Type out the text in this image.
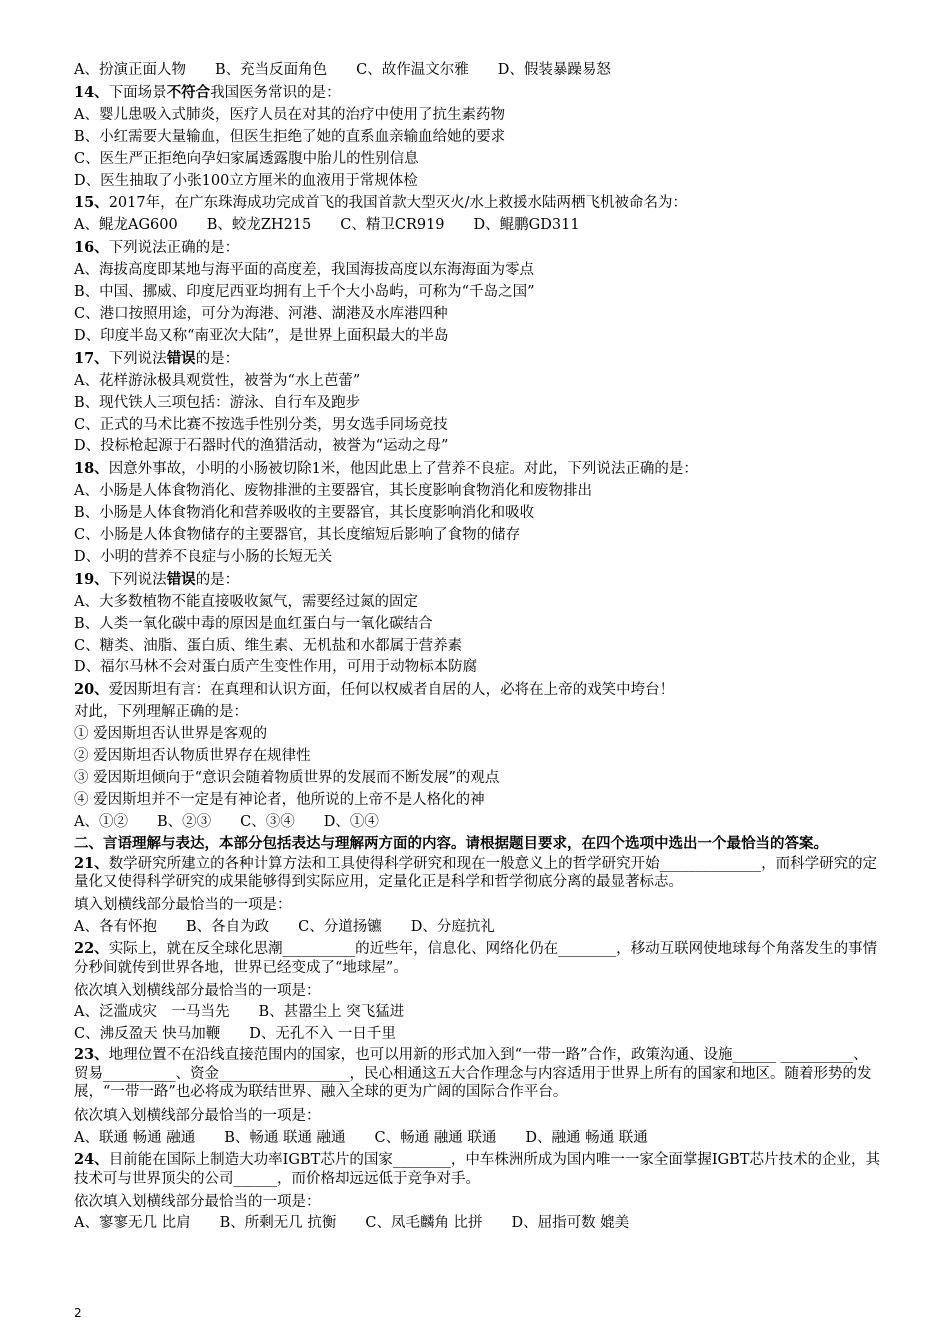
A、扮演正面人物　　B、充当反面角色　　C、故作温文尔雅　　D、假装暴躁易怒
14、下面场景不符合我国医务常识的是：
A、婴儿患吸入式肺炎，医疗人员在对其的治疗中使用了抗生素药物
B、小红需要大量输血，但医生拒绝了她的直系血亲输血给她的要求
C、医生严正拒绝向孕妇家属透露腹中胎儿的性别信息
D、医生抽取了小张100立方厘米的血液用于常规体检
15、2017年，在广东珠海成功完成首飞的我国首款大型灭火/水上救援水陆两栖飞机被命名为：
A、鲲龙AG600　　B、蛟龙ZH215　　C、精卫CR919　　D、鲲鹏GD311
16、下列说法正确的是：
A、海拔高度即某地与海平面的高度差，我国海拔高度以东海海面为零点
B、中国、挪威、印度尼西亚均拥有上千个大小岛屿，可称为“千岛之国”
C、港口按照用途，可分为海港、河港、湖港及水库港四种
D、印度半岛又称“南亚次大陆”，是世界上面积最大的半岛
17、下列说法错误的是：
A、花样游泳极具观赏性，被誉为“水上芭蕾”
B、现代铁人三项包括：游泳、自行车及跑步
C、正式的马术比赛不按选手性别分类，男女选手同场竞技
D、投标枪起源于石器时代的渔猎活动，被誉为“运动之母”
18、因意外事故，小明的小肠被切除1米，他因此患上了营养不良症。对此，下列说法正确的是：
A、小肠是人体食物消化、废物排泄的主要器官，其长度影响食物消化和废物排出
B、小肠是人体食物消化和营养吸收的主要器官，其长度影响消化和吸收
C、小肠是人体食物储存的主要器官，其长度缩短后影响了食物的储存
D、小明的营养不良症与小肠的长短无关
19、下列说法错误的是：
A、大多数植物不能直接吸收氮气，需要经过氮的固定
B、人类一氧化碳中毒的原因是血红蛋白与一氧化碳结合
C、糖类、油脂、蛋白质、维生素、无机盐和水都属于营养素
D、福尔马林不会对蛋白质产生变性作用，可用于动物标本防腐
20、爱因斯坦有言：在真理和认识方面，任何以权威者自居的人，必将在上帝的戏笑中垮台！
对此，下列理解正确的是：
① 爱因斯坦否认世界是客观的
② 爱因斯坦否认物质世界存在规律性
③ 爱因斯坦倾向于“意识会随着物质世界的发展而不断发展”的观点
④ 爱因斯坦并不一定是有神论者，他所说的上帝不是人格化的神
A、①②　　B、②③　　C、③④　　D、①④
二、言语理解与表达，本部分包括表达与理解两方面的内容。请根据题目要求，在四个选项中选出一个最恰当的答案。
21、数学研究所建立的各种计算方法和工具使得科学研究和现在一般意义上的哲学研究开始______________，而科学研究的定量化又使得科学研究的成果能够得到实际应用，定量化正是科学和哲学彻底分离的最显著标志。
填入划横线部分最恰当的一项是：
A、各有怀抱　　B、各自为政　　C、分道扬镳　　D、分庭抗礼
22、实际上，就在反全球化思潮__________的近些年，信息化、网络化仍在________，移动互联网使地球每个角落发生的事情分秒间就传到世界各地，世界已经变成了“地球屋”。
依次填入划横线部分最恰当的一项是：
A、泛滥成灾　一马当先　　B、甚嚣尘上 突飞猛进
C、沸反盈天 快马加鞭　　D、无孔不入 一日千里
23、地理位置不在沿线直接范围内的国家，也可以用新的形式加入到“一带一路”合作，政策沟通、设施______ __________、贸易__________、资金__________________，民心相通这五大合作理念与内容适用于世界上所有的国家和地区。随着形势的发展，“一带一路”也必将成为联结世界、融入全球的更为广阔的国际合作平台。
依次填入划横线部分最恰当的一项是：
A、联通 畅通 融通　　B、畅通 联通 融通　　C、畅通 融通 联通　　D、融通 畅通 联通
24、目前能在国际上制造大功率IGBT芯片的国家________，中车株洲所成为国内唯一一家全面掌握IGBT芯片技术的企业，其技术可与世界顶尖的公司______，而价格却远远低于竞争对手。
依次填入划横线部分最恰当的一项是：
A、寥寥无几 比肩　　B、所剩无几 抗衡　　C、凤毛麟角 比拼　　D、屈指可数 媲美
2
